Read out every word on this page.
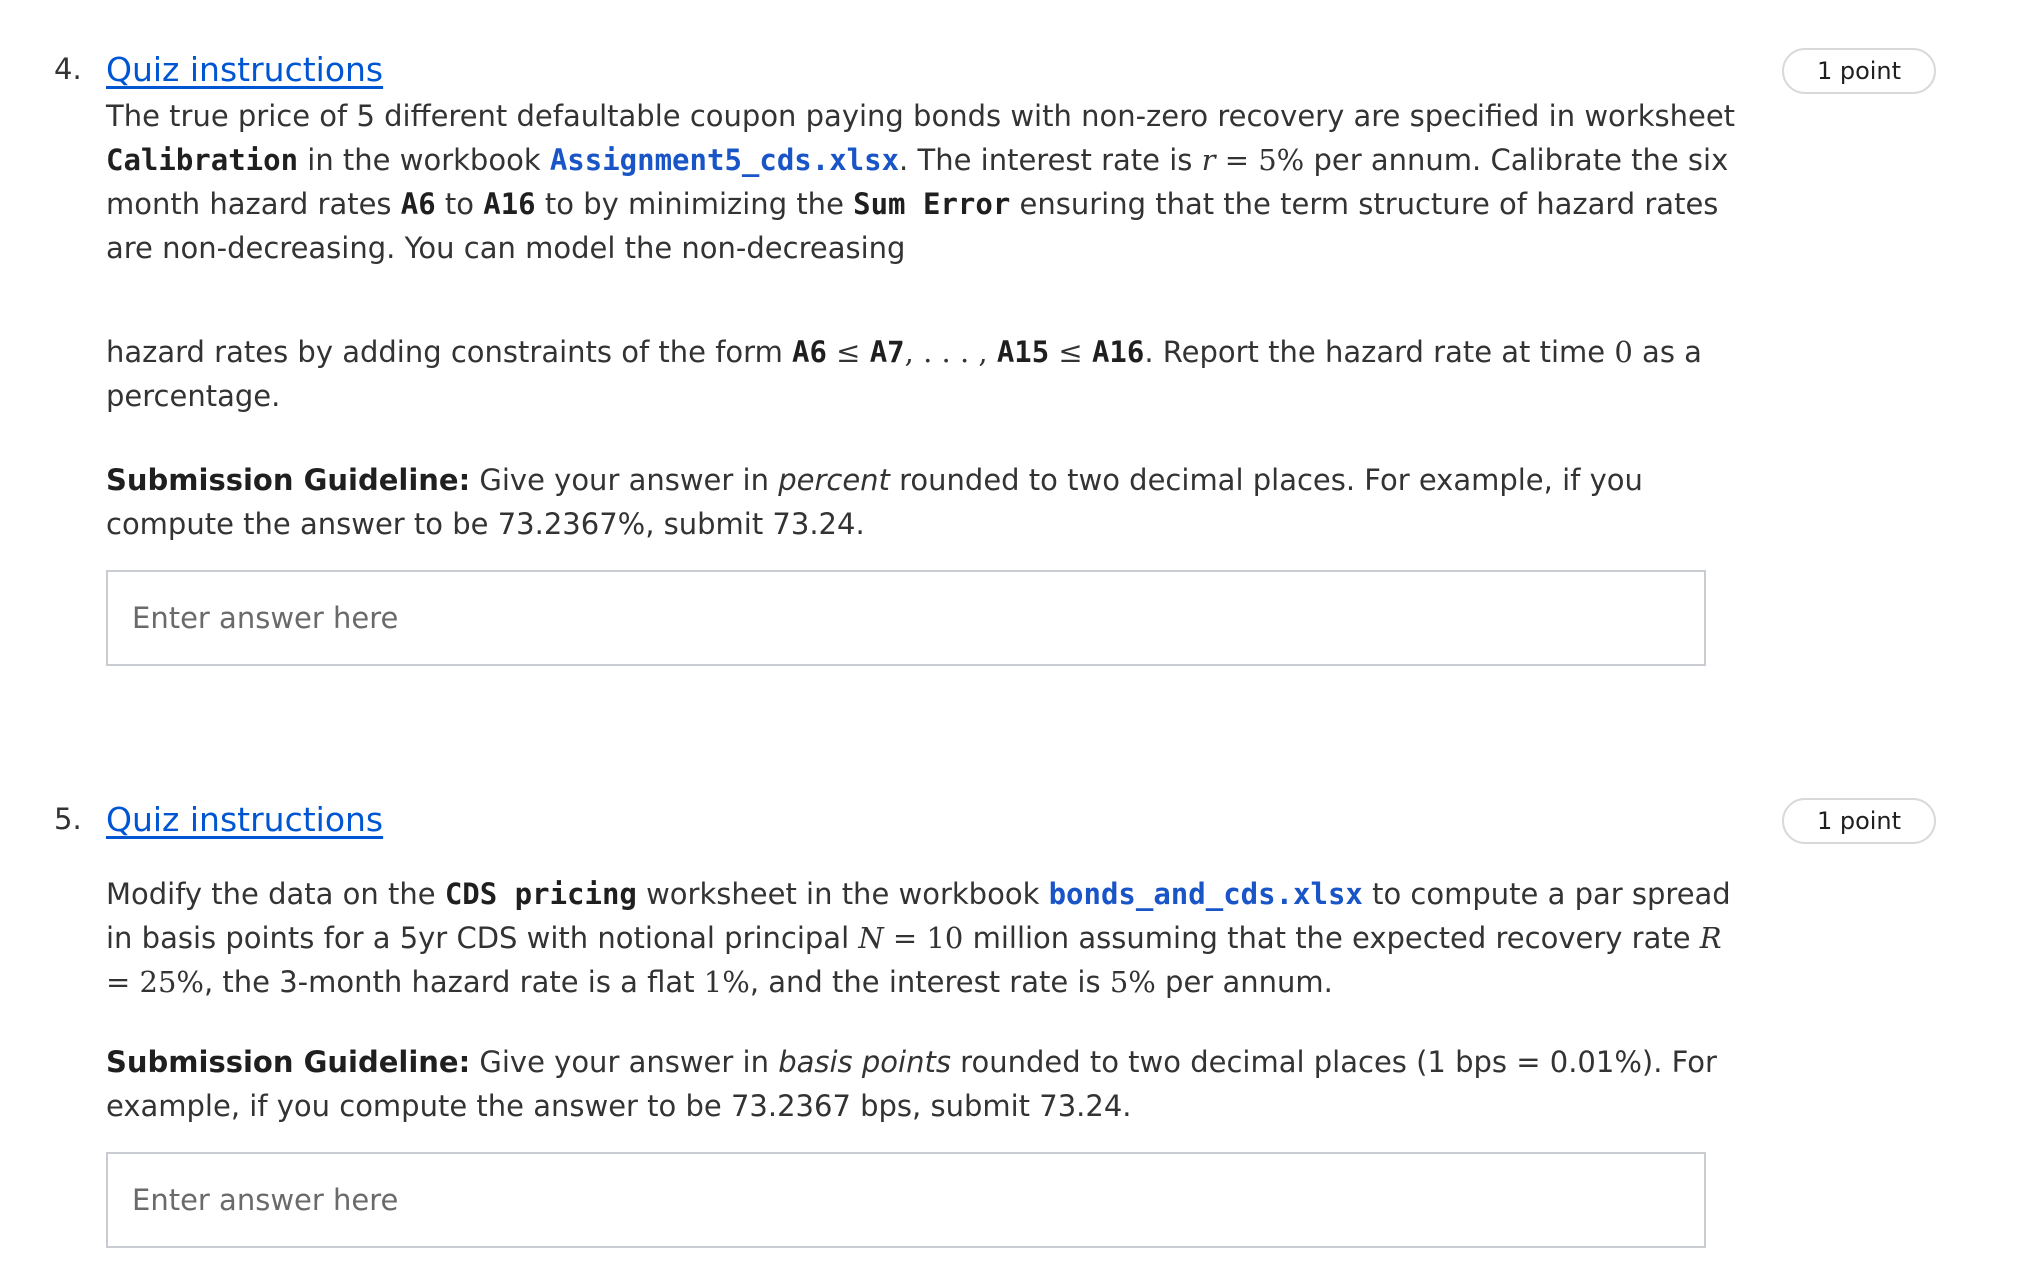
4. Quiz instructions	1 point

The true price of 5 different defaultable coupon paying bonds with non-zero recovery are specified in worksheet Calibration in the workbook Assignment5_cds.xlsx. The interest rate is r = 5% per annum. Calibrate the six month hazard rates A6 to A16 to by minimizing the Sum Error ensuring that the term structure of hazard rates are non-decreasing. You can model the non-decreasing

hazard rates by adding constraints of the form A6 ≤ A7, . . . , A15 ≤ A16. Report the hazard rate at time 0 as a percentage.

Submission Guideline: Give your answer in percent rounded to two decimal places. For example, if you compute the answer to be 73.2367%, submit 73.24.

Enter answer here
5. Quiz instructions	1 point

Modify the data on the CDS pricing worksheet in the workbook bonds_and_cds.xlsx to compute a par spread in basis points for a 5yr CDS with notional principal N = 10 million assuming that the expected recovery rate R = 25%, the 3-month hazard rate is a flat 1%, and the interest rate is 5% per annum.

Submission Guideline: Give your answer in basis points rounded to two decimal places (1 bps = 0.01%). For example, if you compute the answer to be 73.2367 bps, submit 73.24.

Enter answer here
